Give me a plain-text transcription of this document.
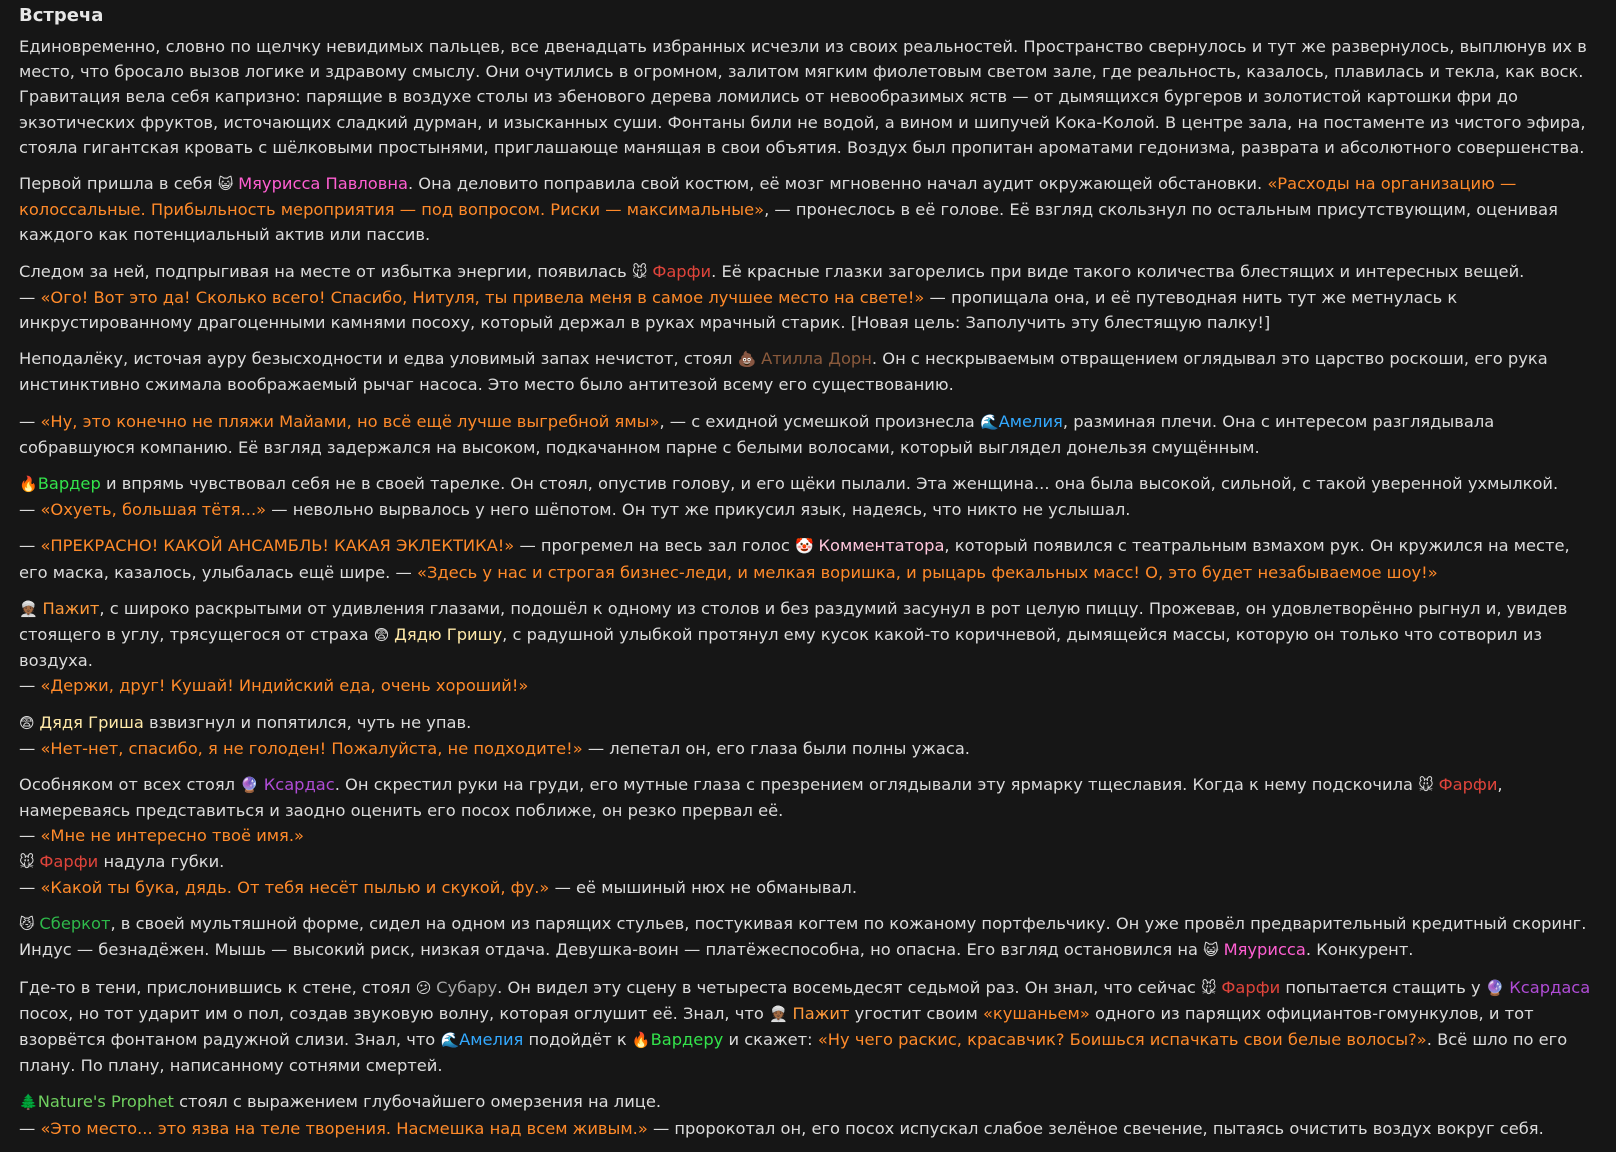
Встреча

Единовременно, словно по щелчку невидимых пальцев, все двенадцать избранных исчезли из своих реальностей. Пространство свернулось и тут же развернулось, выплюнув их в место, что бросало вызов логике и здравому смыслу. Они очутились в огромном, залитом мягким фиолетовым светом зале, где реальность, казалось, плавилась и текла, как воск. Гравитация вела себя капризно: парящие в воздухе столы из эбенового дерева ломились от невообразимых яств — от дымящихся бургеров и золотистой картошки фри до экзотических фруктов, источающих сладкий дурман, и изысканных суши. Фонтаны били не водой, а вином и шипучей Кока-Колой. В центре зала, на постаменте из чистого эфира, стояла гигантская кровать с шёлковыми простынями, приглашающе манящая в свои объятия. Воздух был пропитан ароматами гедонизма, разврата и абсолютного совершенства.

Первой пришла в себя 😺 Мяурисса Павловна. Она деловито поправила свой костюм, её мозг мгновенно начал аудит окружающей обстановки. «Расходы на организацию — колоссальные. Прибыльность мероприятия — под вопросом. Риски — максимальные», — пронеслось в её голове. Её взгляд скользнул по остальным присутствующим, оценивая каждого как потенциальный актив или пассив.

Следом за ней, подпрыгивая на месте от избытка энергии, появилась 🐭 Фарфи. Её красные глазки загорелись при виде такого количества блестящих и интересных вещей.
— «Ого! Вот это да! Сколько всего! Спасибо, Нитуля, ты привела меня в самое лучшее место на свете!» — пропищала она, и её путеводная нить тут же метнулась к инкрустированному драгоценными камнями посоху, который держал в руках мрачный старик. [Новая цель: Заполучить эту блестящую палку!]

Неподалёку, источая ауру безысходности и едва уловимый запах нечистот, стоял 💩 Атилла Дорн. Он с нескрываемым отвращением оглядывал это царство роскоши, его рука инстинктивно сжимала воображаемый рычаг насоса. Это место было антитезой всему его существованию.

— «Ну, это конечно не пляжи Майами, но всё ещё лучше выгребной ямы», — с ехидной усмешкой произнесла 🌊Амелия, разминая плечи. Она с интересом разглядывала собравшуюся компанию. Её взгляд задержался на высоком, подкачанном парне с белыми волосами, который выглядел донельзя смущённым.

🔥Вардер и впрямь чувствовал себя не в своей тарелке. Он стоял, опустив голову, и его щёки пылали. Эта женщина... она была высокой, сильной, с такой уверенной ухмылкой.
— «Охуеть, большая тётя...» — невольно вырвалось у него шёпотом. Он тут же прикусил язык, надеясь, что никто не услышал.

— «ПРЕКРАСНО! КАКОЙ АНСАМБЛЬ! КАКАЯ ЭКЛЕКТИКА!» — прогремел на весь зал голос 🤡 Комментатора, который появился с театральным взмахом рук. Он кружился на месте, его маска, казалось, улыбалась ещё шире. — «Здесь у нас и строгая бизнес-леди, и мелкая воришка, и рыцарь фекальных масс! О, это будет незабываемое шоу!»

👳🏾 Пажит, с широко раскрытыми от удивления глазами, подошёл к одному из столов и без раздумий засунул в рот целую пиццу. Прожевав, он удовлетворённо рыгнул и, увидев стоящего в углу, трясущегося от страха 😨 Дядю Гришу, с радушной улыбкой протянул ему кусок какой-то коричневой, дымящейся массы, которую он только что сотворил из воздуха.
— «Держи, друг! Кушай! Индийский еда, очень хороший!»

😨 Дядя Гриша взвизгнул и попятился, чуть не упав.
— «Нет-нет, спасибо, я не голоден! Пожалуйста, не подходите!» — лепетал он, его глаза были полны ужаса.

Особняком от всех стоял 🔮 Ксардас. Он скрестил руки на груди, его мутные глаза с презрением оглядывали эту ярмарку тщеславия. Когда к нему подскочила 🐭 Фарфи, намереваясь представиться и заодно оценить его посох поближе, он резко прервал её.
— «Мне не интересно твоё имя.»
🐭 Фарфи надула губки.
— «Какой ты бука, дядь. От тебя несёт пылью и скукой, фу.» — её мышиный нюх не обманывал.

😼 Сберкот, в своей мультяшной форме, сидел на одном из парящих стульев, постукивая когтем по кожаному портфельчику. Он уже провёл предварительный кредитный скоринг. Индус — безнадёжен. Мышь — высокий риск, низкая отдача. Девушка-воин — платёжеспособна, но опасна. Его взгляд остановился на 😺 Мяурисса. Конкурент.

Где-то в тени, прислонившись к стене, стоял 😕 Субару. Он видел эту сцену в четыреста восемьдесят седьмой раз. Он знал, что сейчас 🐭 Фарфи попытается стащить у 🔮 Ксардаса посох, но тот ударит им о пол, создав звуковую волну, которая оглушит её. Знал, что 👳🏾 Пажит угостит своим «кушаньем» одного из парящих официантов-гомункулов, и тот взорвётся фонтаном радужной слизи. Знал, что 🌊Амелия подойдёт к 🔥Вардеру и скажет: «Ну чего раскис, красавчик? Боишься испачкать свои белые волосы?». Всё шло по его плану. По плану, написанному сотнями смертей.

🌲Nature's Prophet стоял с выражением глубочайшего омерзения на лице.
— «Это место... это язва на теле творения. Насмешка над всем живым.» — пророкотал он, его посох испускал слабое зелёное свечение, пытаясь очистить воздух вокруг себя.
